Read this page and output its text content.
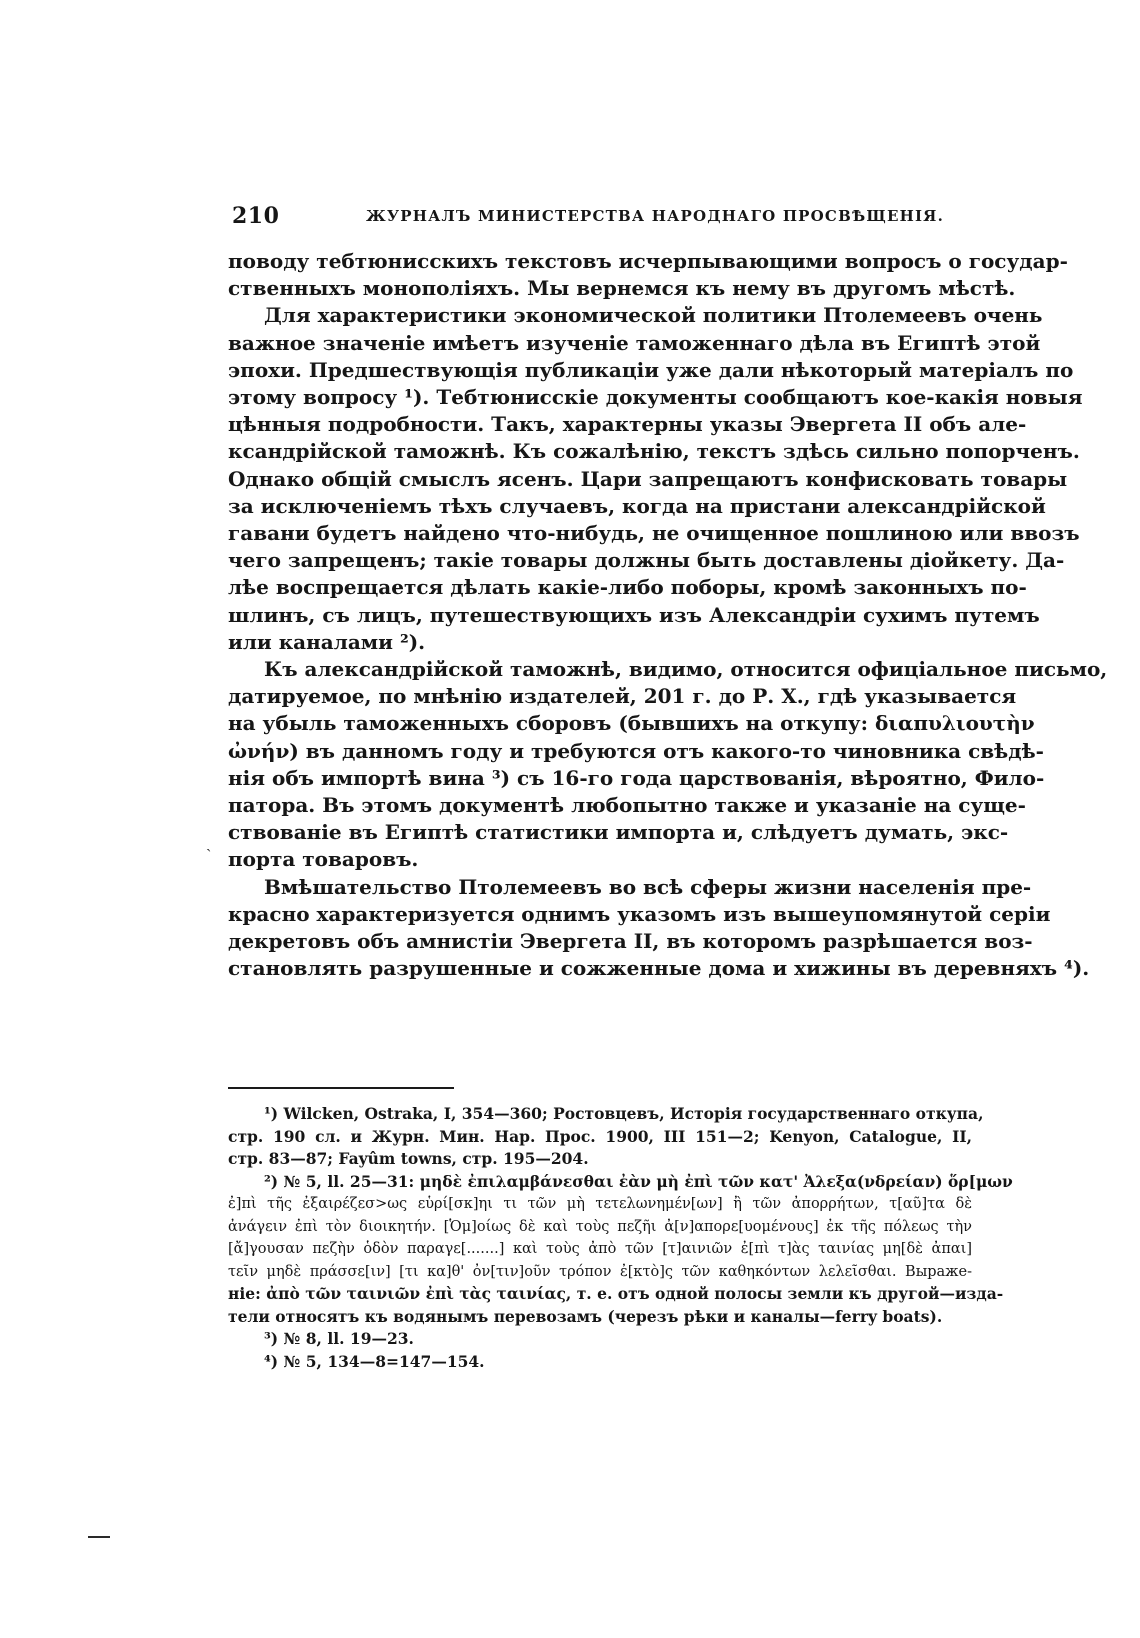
210	ЖУРНАЛЪ МИНИСТЕРСТВА НАРОДНАГО ПРОСВѢЩЕНІЯ.
ˎ
поводу тебтюнисскихъ текстовъ исчерпывающими вопросъ о государ-
ственныхъ монополіяхъ. Мы вернемся къ нему въ другомъ мѣстѣ.
Для характеристики экономической политики Птолемеевъ очень
важное значеніе имѣетъ изученіе таможеннаго дѣла въ Египтѣ этой
эпохи. Предшествующія публикаціи уже дали нѣкоторый матеріалъ по
этому вопросу ¹). Тебтюнисскіе документы сообщаютъ кое-какія новыя
цѣнныя подробности. Такъ, характерны указы Эвергета II объ але-
ксандрійской таможнѣ. Къ сожалѣнію, текстъ здѣсь сильно попорченъ.
Однако общій смыслъ ясенъ. Цари запрещаютъ конфисковать товары
за исключеніемъ тѣхъ случаевъ, когда на пристани александрійской
гавани будетъ найдено что-нибудь, не очищенное пошлиною или ввозъ
чего запрещенъ; такіе товары должны быть доставлены діойкету. Да-
лѣе воспрещается дѣлать какіе-либо поборы, кромѣ законныхъ по-
шлинъ, съ лицъ, путешествующихъ изъ Александріи сухимъ путемъ
или каналами ²).
Къ александрійской таможнѣ, видимо, относится офиціальное письмо,
датируемое, по мнѣнію издателей, 201 г. до Р. Х., гдѣ указывается
на убыль таможенныхъ сборовъ (бывшихъ на откупу: διαπυλιουτὴν
ὠνήν) въ данномъ году и требуются отъ какого-то чиновника свѣдѣ-
нія объ импортѣ вина ³) съ 16-го года царствованія, вѣроятно, Фило-
патора. Въ этомъ документѣ любопытно также и указаніе на суще-
ствованіе въ Египтѣ статистики импорта и, слѣдуетъ думать, экс-
порта товаровъ.
Вмѣшательство Птолемеевъ во всѣ сферы жизни населенія пре-
красно характеризуется однимъ указомъ изъ вышеупомянутой серіи
декретовъ объ амнистіи Эвергета II, въ которомъ разрѣшается воз-
становлять разрушенные и сожженные дома и хижины въ деревняхъ ⁴).
¹) Wilcken, Ostraka, I, 354—360; Ростовцевъ, Исторія государственнаго откупа,
стр. 190 сл. и Журн. Мин. Нар. Прос. 1900, III 151—2; Kenyon, Catalogue, II,
стр. 83—87; Fayûm towns, стр. 195—204.
²) № 5, ll. 25—31: μηδὲ ἐπιλαμβάνεσθαι ἐὰν μὴ ἐπὶ τῶν κατ' Ἀλεξα(νδρείαν) ὅρ[μων
ἐ]πὶ τῆς ἐξαιρέζεσ>ως εὑρί[σκ]ηι τι τῶν μὴ τετελωνημέν[ων] ἢ τῶν ἀπορρήτων, τ[αῦ]τα δὲ
ἀνάγειν ἐπὶ τὸν διοικητήν. [Ὁμ]οίως δὲ καὶ τοὺς πεζῆι ἀ[ν]απορε[υομένους] ἐκ τῆς πόλεως τὴν
[ἄ]γουσαν πεζὴν ὁδὸν παραγε[.......] καὶ τοὺς ἀπὸ τῶν [τ]αινιῶν ἐ[πὶ τ]ὰς ταινίας μη[δὲ ἀπαι]
τεῖν μηδὲ πράσσε[ιν] [τι κα]θ' ὀν[τιν]οῦν τρόπον ἐ[κτὸ]ς τῶν καθηκόντων λελεῖσθαι. Выраже-
ніе: ἀπὸ τῶν ταινιῶν ἐπὶ τὰς ταινίας, т. е. отъ одной полосы земли къ другой—изда-
тели относятъ къ водянымъ перевозамъ (черезъ рѣки и каналы—ferry boats).
³) № 8, ll. 19—23.
⁴) № 5, 134—8=147—154.
